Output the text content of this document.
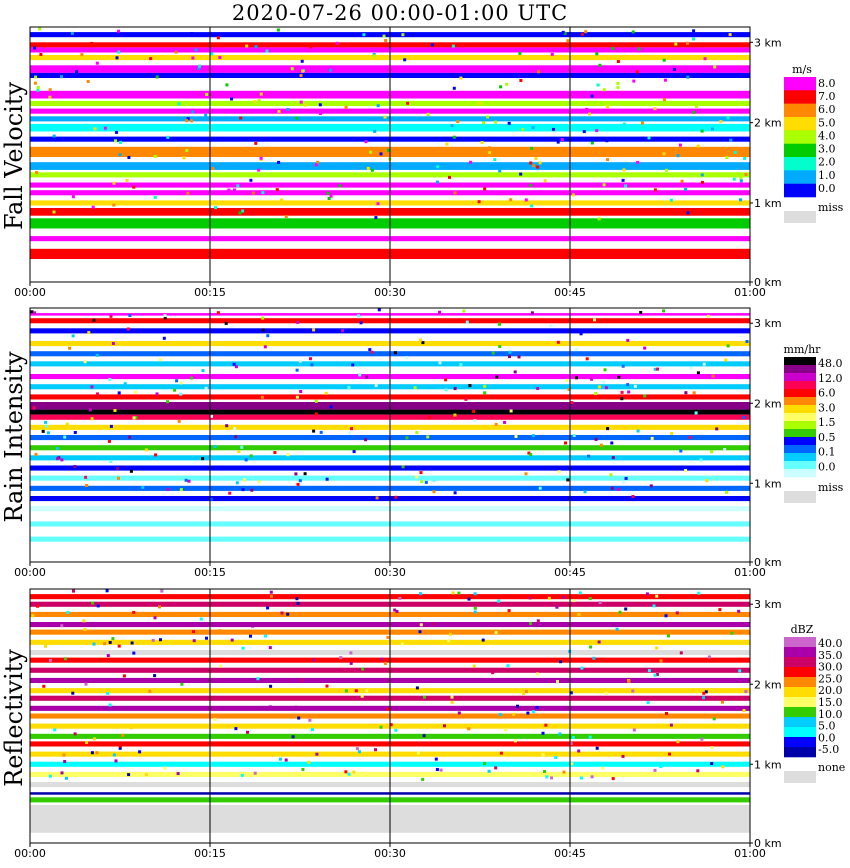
2020-07-26 00:00-01:00 UTC
Fall Velocity
Rain Intensity
Reflectivity
00:00	00:15	00:30	00:45	01:00
0 km
1 km
2 km
3 km
m/s
8.0
7.0
6.0
5.0
4.0
3.0
2.0
1.0
0.0
miss
00:00	00:15	00:30	00:45	01:00
0 km
1 km
2 km
3 km
mm/hr
48.0
12.0
6.0
3.0
1.5
0.5
0.1
0.0
miss
00:00	00:15	00:30	00:45	01:00
0 km
1 km
2 km
3 km
dBZ
40.0
35.0
30.0
25.0
20.0
15.0
10.0
5.0
0.0
-5.0
none
